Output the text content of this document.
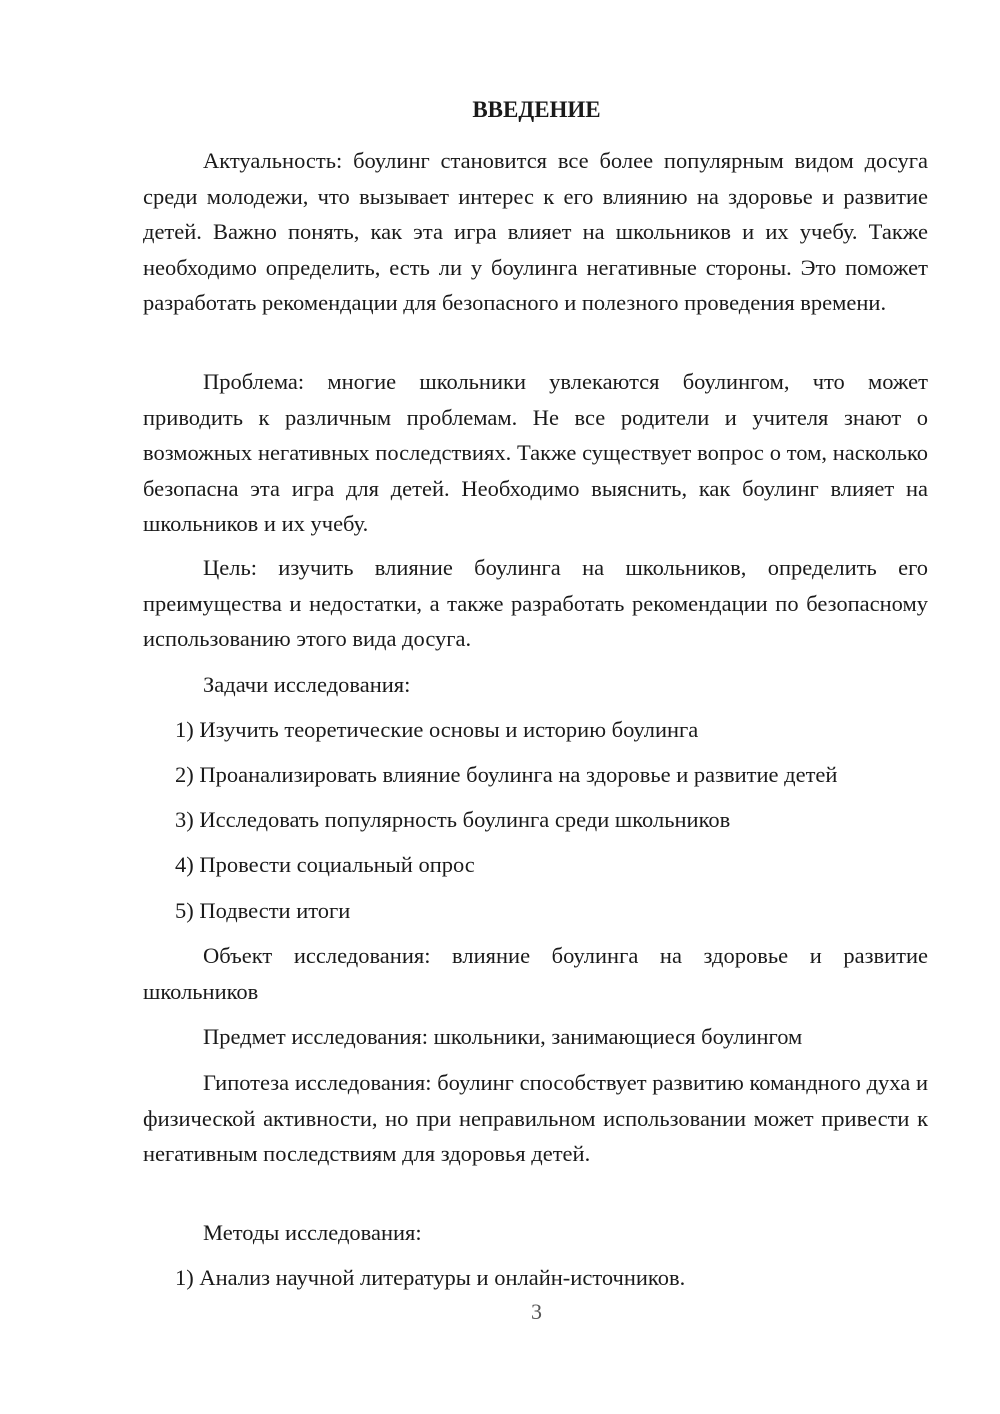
ВВЕДЕНИЕ

Актуальность: боулинг становится все более популярным видом досуга среди молодежи, что вызывает интерес к его влиянию на здоровье и развитие детей. Важно понять, как эта игра влияет на школьников и их учебу. Также необходимо определить, есть ли у боулинга негативные стороны. Это поможет разработать рекомендации для безопасного и полезного проведения времени.

Проблема: многие школьники увлекаются боулингом, что может приводить к различным проблемам. Не все родители и учителя знают о возможных негативных последствиях. Также существует вопрос о том, насколько безопасна эта игра для детей. Необходимо выяснить, как боулинг влияет на школьников и их учебу.

Цель: изучить влияние боулинга на школьников, определить его преимущества и недостатки, а также разработать рекомендации по безопасному использованию этого вида досуга.

Задачи исследования:
1) Изучить теоретические основы и историю боулинга
2) Проанализировать влияние боулинга на здоровье и развитие детей
3) Исследовать популярность боулинга среди школьников
4) Провести социальный опрос
5) Подвести итоги

Объект исследования: влияние боулинга на здоровье и развитие школьников

Предмет исследования: школьники, занимающиеся боулингом

Гипотеза исследования: боулинг способствует развитию командного духа и физической активности, но при неправильном использовании может привести к негативным последствиям для здоровья детей.

Методы исследования:
1) Анализ научной литературы и онлайн-источников.
3
